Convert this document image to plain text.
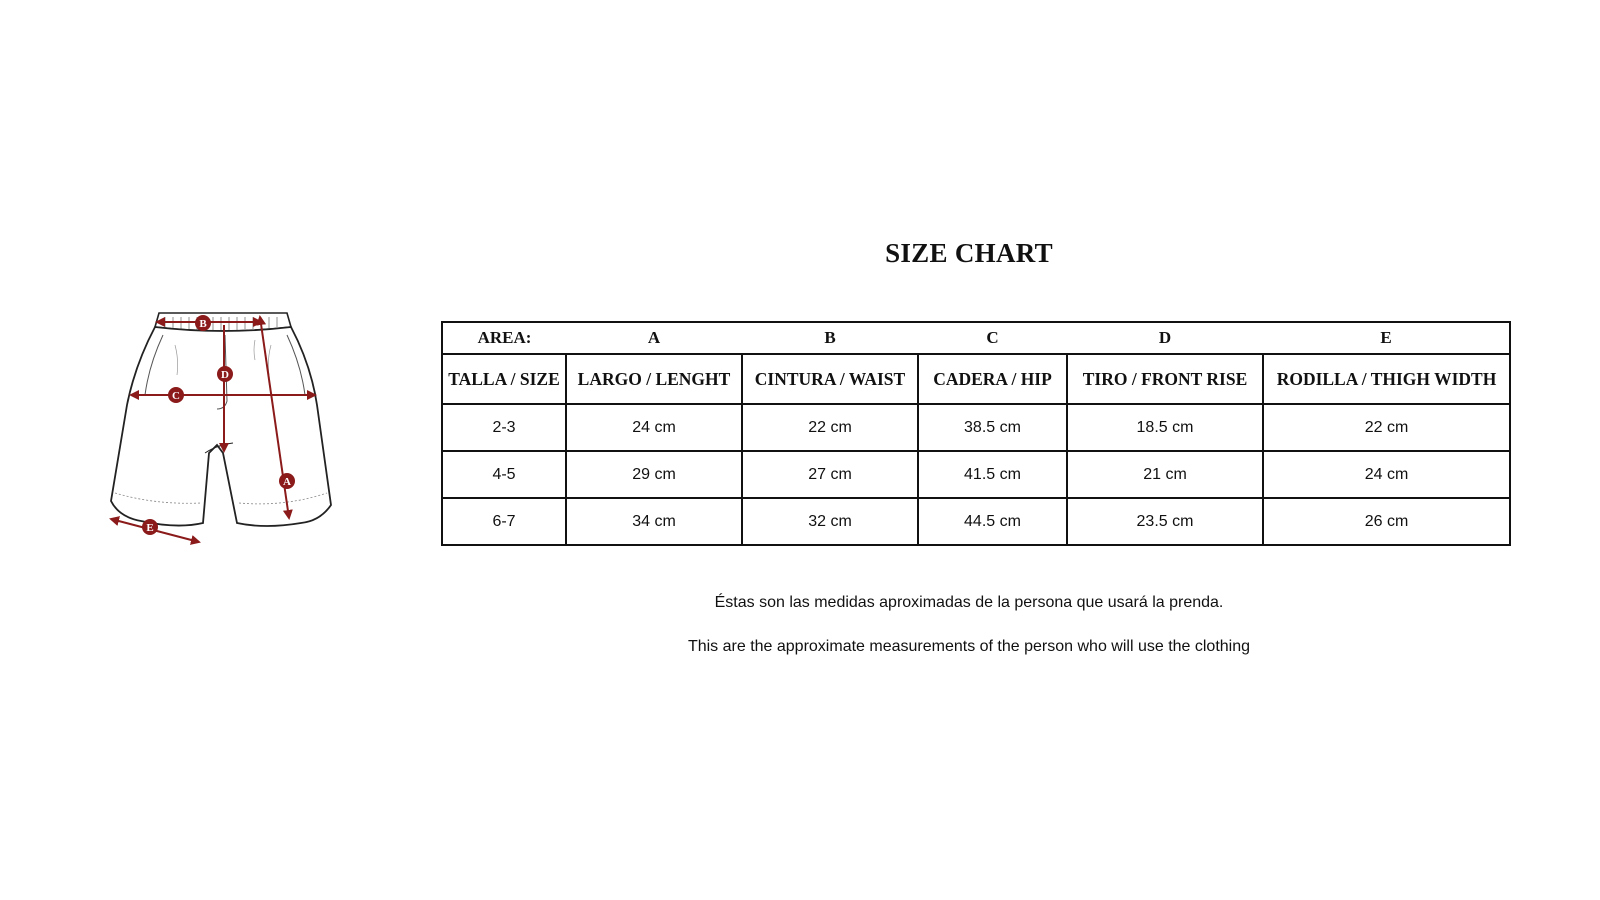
SIZE CHART
B
D
C
A
E
AREA:	A	B	C	D	E
TALLA / SIZE	LARGO / LENGHT	CINTURA / WAIST	CADERA / HIP	TIRO / FRONT RISE	RODILLA / THIGH WIDTH
2-3	24 cm	22 cm	38.5 cm	18.5 cm	22 cm
4-5	29 cm	27 cm	41.5 cm	21 cm	24 cm
6-7	34 cm	32 cm	44.5 cm	23.5 cm	26 cm

Éstas son las medidas aproximadas de la persona que usará la prenda.

This are the approximate measurements of the person who will use the clothing
